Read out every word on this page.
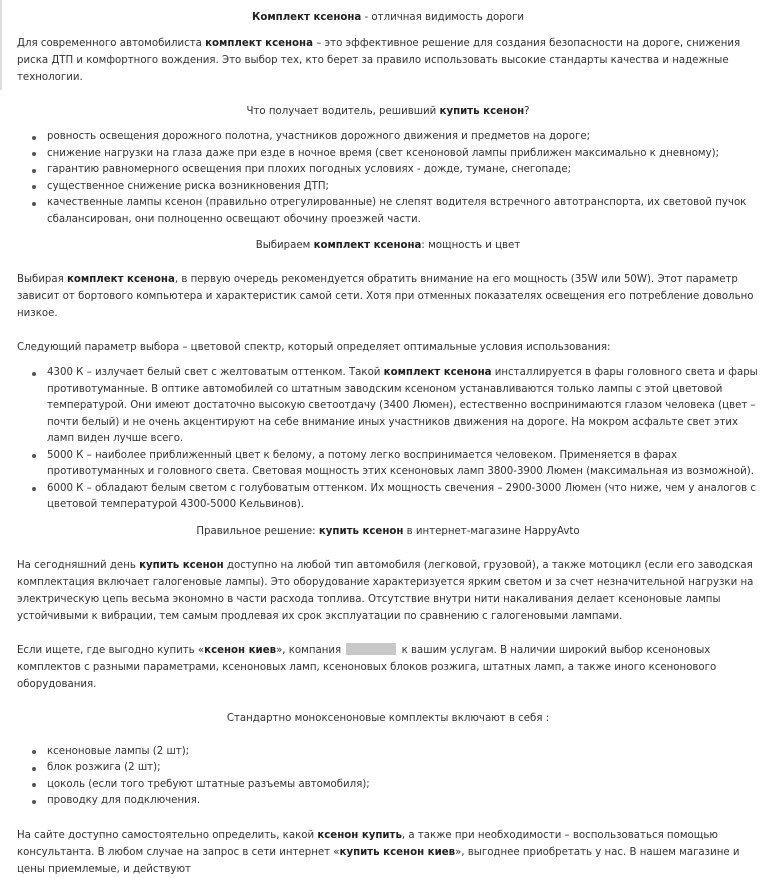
Комплект ксенона - отличная видимость дороги

Для современного автомобилиста комплект ксенона – это эффективное решение для создания безопасности на дороге, снижения риска ДТП и комфортного вождения. Это выбор тех, кто берет за правило использовать высокие стандарты качества и надежные технологии.

Что получает водитель, решивший купить ксенон?

ровность освещения дорожного полотна, участников дорожного движения и предметов на дороге;
снижение нагрузки на глаза даже при езде в ночное время (свет ксеноновой лампы приближен максимально к дневному);
гарантию равномерного освещения при плохих погодных условиях - дожде, тумане, снегопаде;
существенное снижение риска возникновения ДТП;
качественные лампы ксенон (правильно отрегулированные) не слепят водителя встречного автотранспорта, их световой пучок сбалансирован, они полноценно освещают обочину проезжей части.

Выбираем комплект ксенона: мощность и цвет

Выбирая комплект ксенона, в первую очередь рекомендуется обратить внимание на его мощность (35W или 50W). Этот параметр зависит от бортового компьютера и характеристик самой сети. Хотя при отменных показателях освещения его потребление довольно низкое.

Следующий параметр выбора – цветовой спектр, который определяет оптимальные условия использования:

4300 К – излучает белый свет с желтоватым оттенком. Такой комплект ксенона инсталлируется в фары головного света и фары противотуманные. В оптике автомобилей со штатным заводским ксеноном устанавливаются только лампы с этой цветовой температурой. Они имеют достаточно высокую светоотдачу (3400 Люмен), естественно воспринимаются глазом человека (цвет – почти белый) и не очень акцентируют на себе внимание иных участников движения на дороге. На мокром асфальте свет этих ламп виден лучше всего.
5000 К – наиболее приближенный цвет к белому, а потому легко воспринимается человеком. Применяется в фарах противотуманных и головного света. Световая мощность этих ксеноновых ламп 3800-3900 Люмен (максимальная из возможной).
6000 К – обладают белым светом с голубоватым оттенком. Их мощность свечения – 2900-3000 Люмен (что ниже, чем у аналогов с цветовой температурой 4300-5000 Кельвинов).

Правильное решение: купить ксенон в интернет-магазине HappyAvto

На сегодняшний день купить ксенон доступно на любой тип автомобиля (легковой, грузовой), а также мотоцикл (если его заводская комплектация включает галогеновые лампы). Это оборудование характеризуется ярким светом и за счет незначительной нагрузки на электрическую цепь весьма экономно в части расхода топлива. Отсутствие внутри нити накаливания делает ксеноновые лампы устойчивыми к вибрации, тем самым продлевая их срок эксплуатации по сравнению с галогеновыми лампами.

Если ищете, где выгодно купить «ксенон киев», компания	к вашим услугам. В наличии широкий выбор ксеноновых комплектов с разными параметрами, ксеноновых ламп, ксеноновых блоков розжига, штатных ламп, а также иного ксенонового оборудования.

Стандартно моноксеноновые комплекты включают в себя :

ксеноновые лампы (2 шт);
блок розжига (2 шт);
цоколь (если того требуют штатные разъемы автомобиля);
проводку для подключения.

На сайте доступно самостоятельно определить, какой ксенон купить, а также при необходимости – воспользоваться помощью консультанта. В любом случае на запрос в сети интернет «купить ксенон киев», выгоднее приобретать у нас. В нашем магазине и цены приемлемые, и действуют
